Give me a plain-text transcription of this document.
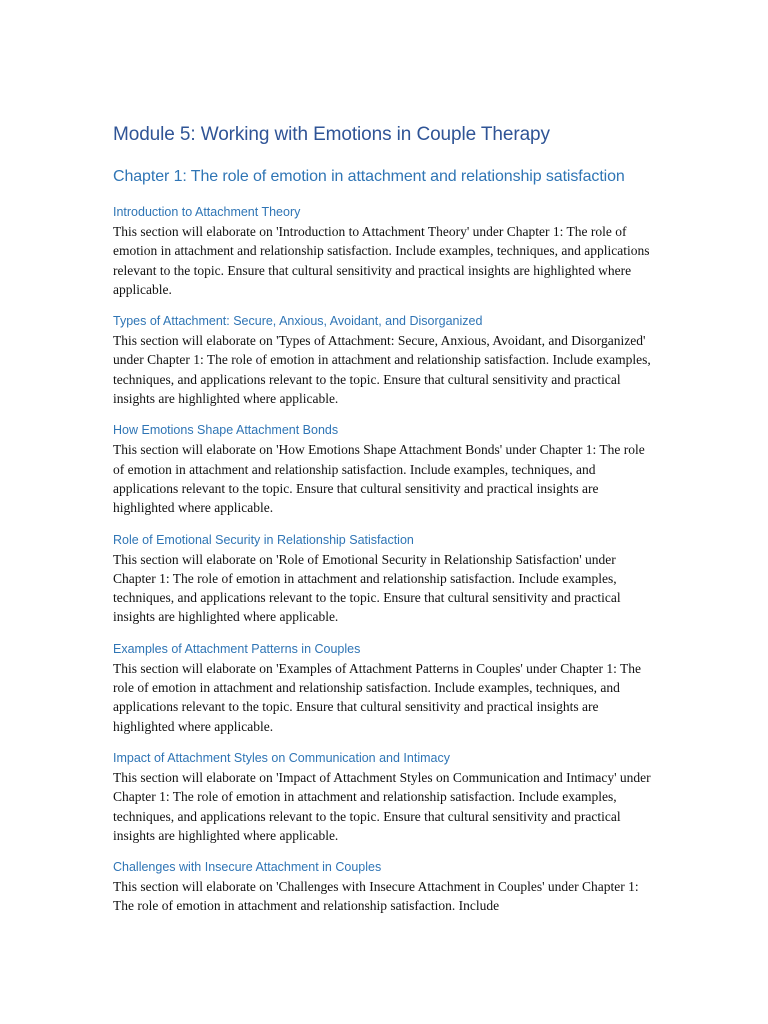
Module 5: Working with Emotions in Couple Therapy
Chapter 1: The role of emotion in attachment and relationship satisfaction
Introduction to Attachment Theory

This section will elaborate on 'Introduction to Attachment Theory' under Chapter 1: The role of emotion in attachment and relationship satisfaction. Include examples, techniques, and applications relevant to the topic. Ensure that cultural sensitivity and practical insights are highlighted where applicable.

Types of Attachment: Secure, Anxious, Avoidant, and Disorganized

This section will elaborate on 'Types of Attachment: Secure, Anxious, Avoidant, and Disorganized' under Chapter 1: The role of emotion in attachment and relationship satisfaction. Include examples, techniques, and applications relevant to the topic. Ensure that cultural sensitivity and practical insights are highlighted where applicable.

How Emotions Shape Attachment Bonds

This section will elaborate on 'How Emotions Shape Attachment Bonds' under Chapter 1: The role of emotion in attachment and relationship satisfaction. Include examples, techniques, and applications relevant to the topic. Ensure that cultural sensitivity and practical insights are highlighted where applicable.

Role of Emotional Security in Relationship Satisfaction

This section will elaborate on 'Role of Emotional Security in Relationship Satisfaction' under Chapter 1: The role of emotion in attachment and relationship satisfaction. Include examples, techniques, and applications relevant to the topic. Ensure that cultural sensitivity and practical insights are highlighted where applicable.

Examples of Attachment Patterns in Couples

This section will elaborate on 'Examples of Attachment Patterns in Couples' under Chapter 1: The role of emotion in attachment and relationship satisfaction. Include examples, techniques, and applications relevant to the topic. Ensure that cultural sensitivity and practical insights are highlighted where applicable.

Impact of Attachment Styles on Communication and Intimacy

This section will elaborate on 'Impact of Attachment Styles on Communication and Intimacy' under Chapter 1: The role of emotion in attachment and relationship satisfaction. Include examples, techniques, and applications relevant to the topic. Ensure that cultural sensitivity and practical insights are highlighted where applicable.

Challenges with Insecure Attachment in Couples

This section will elaborate on 'Challenges with Insecure Attachment in Couples' under Chapter 1: The role of emotion in attachment and relationship satisfaction. Include
